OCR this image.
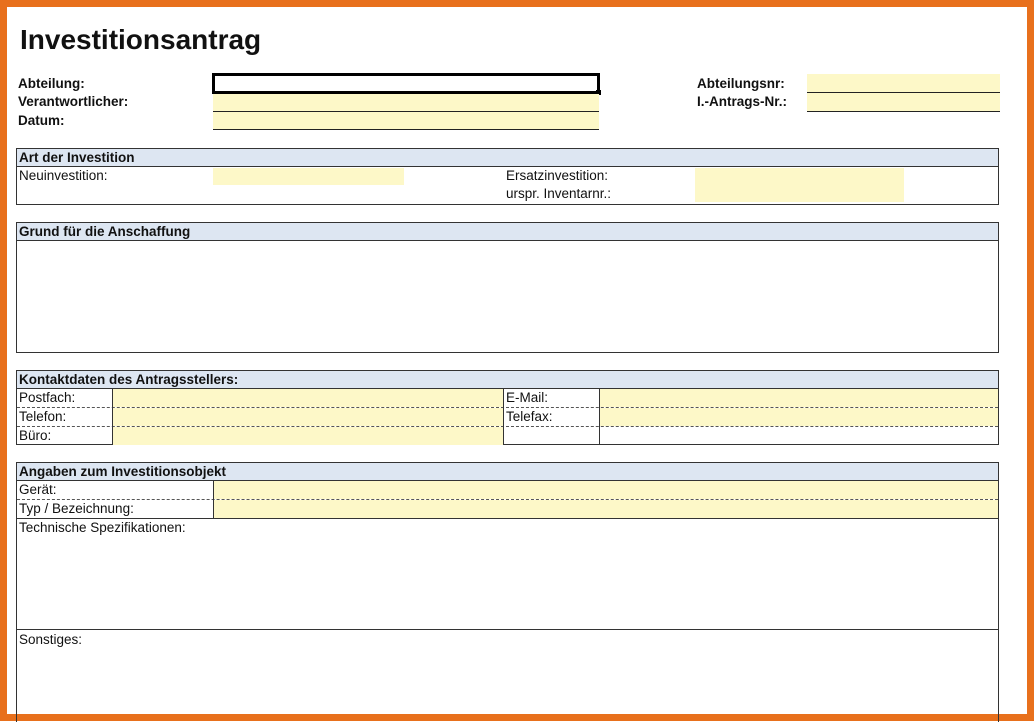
Investitionsantrag
Abteilung:
Verantwortlicher:
Datum:
Abteilungsnr:
I.-Antrags-Nr.:
Art der Investition
Neuinvestition:	Ersatzinvestition:
urspr. Inventarnr.:
Grund für die Anschaffung
Kontaktdaten des Antragsstellers:
Postfach:	E-Mail:
Telefon:	Telefax:
Büro:
Angaben zum Investitionsobjekt
Gerät:
Typ / Bezeichnung:
Technische Spezifikationen:
Sonstiges:
